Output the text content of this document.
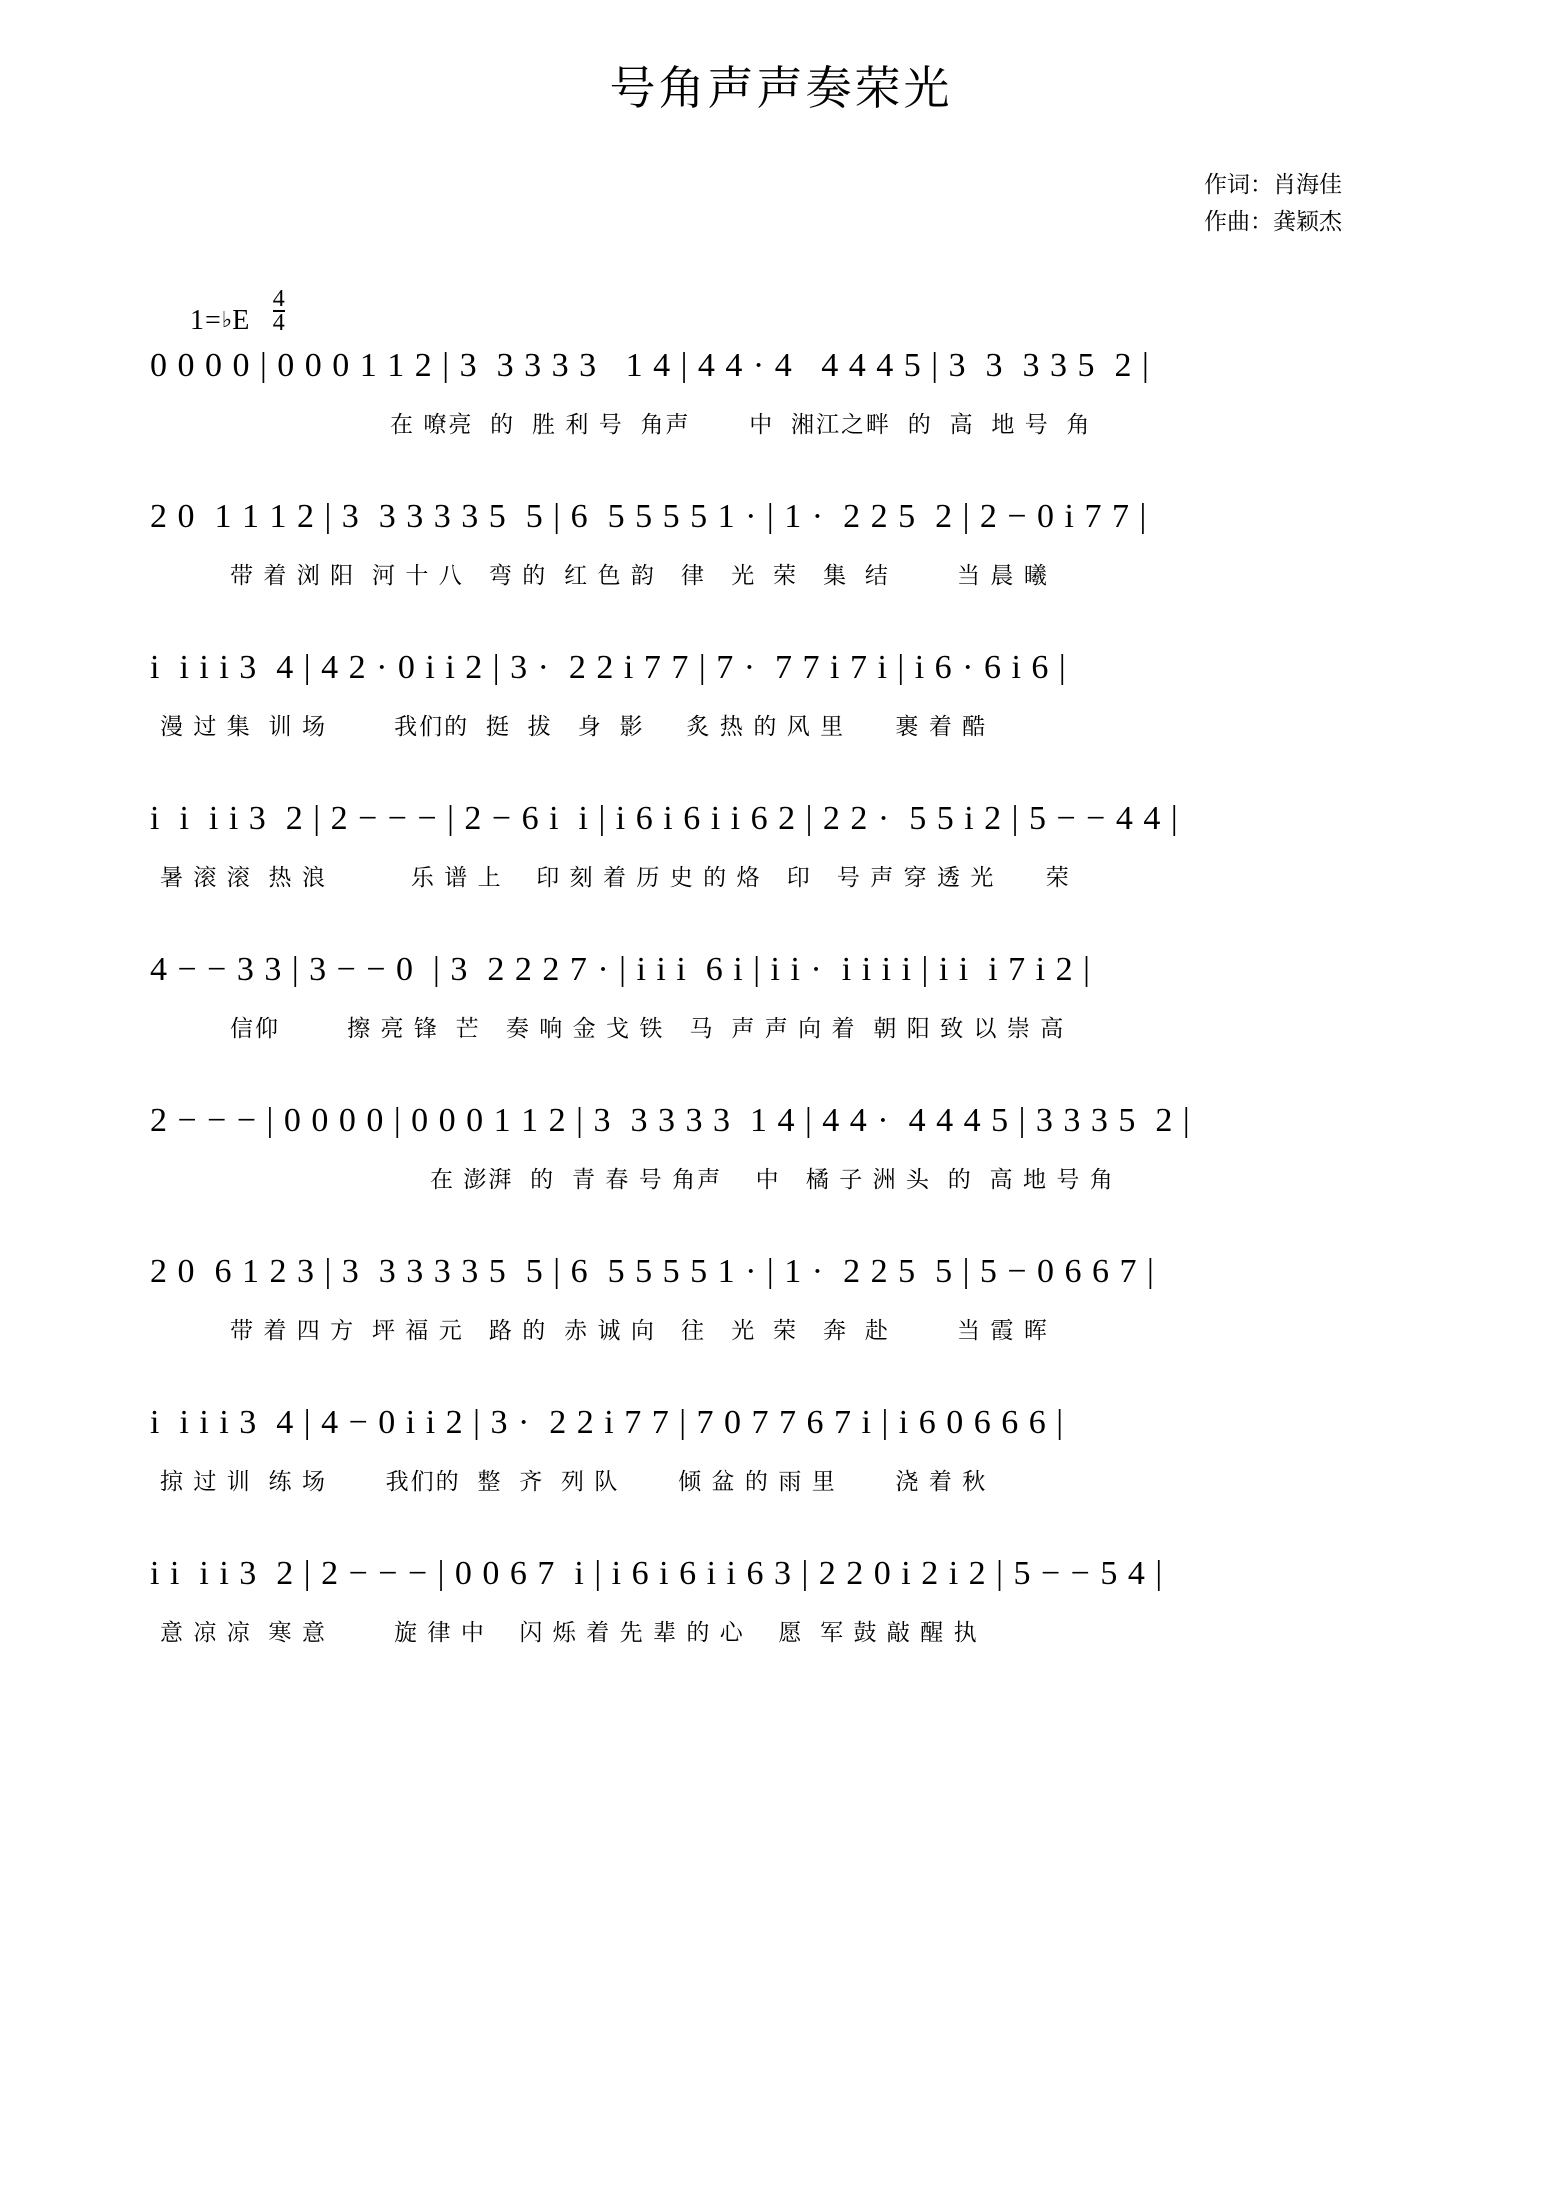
号角声声奏荣光
作词：肖海佳
作曲：龚颖杰
1=♭E $\frac{4}{4}$
0 0 0 0 | 0 0 0 1 1 2 | 3  3 3 3 3   1 4 | 4 4 · 4   4 4 4 5 | 3  3  3 3 5  2 |
在 嘹亮  的  胜 利 号  角声       中  湘江之畔  的  高  地 号  角
2 0  1 1 1 2 | 3  3 3 3 3 5  5 | 6  5 5 5 5 1 · | 1 ·  2 2 5  2 | 2 − 0 i 7 7 |
带 着 浏 阳  河 十 八   弯 的  红 色 韵   律   光  荣   集  结        当 晨 曦
i  i i i 3  4 | 4 2 · 0 i i 2 | 3 ·  2 2 i 7 7 | 7 ·  7 7 i 7 i | i 6 · 6 i 6 |
漫 过 集  训 场        我们的  挺  拔   身  影     炙 热 的 风 里      裹 着 酷
i  i  i i 3  2 | 2 − − − | 2 − 6 i  i | i 6 i 6 i i 6 2 | 2 2 ·  5 5 i 2 | 5 − − 4 4 |
暑 滚 滚  热 浪          乐 谱 上    印 刻 着 历 史 的 烙   印   号 声 穿 透 光      荣
4 − − 3 3 | 3 − − 0  | 3  2 2 2 7 · | i i i  6 i | i i ·  i i i i | i i  i 7 i 2 |
信仰        擦 亮 锋  芒   奏 响 金 戈 铁   马  声 声 向 着  朝 阳 致 以 崇 高
2 − − − | 0 0 0 0 | 0 0 0 1 1 2 | 3  3 3 3 3  1 4 | 4 4 ·  4 4 4 5 | 3 3 3 5  2 |
在 澎湃  的  青 春 号 角声    中   橘 子 洲 头  的  高 地 号 角
2 0  6 1 2 3 | 3  3 3 3 3 5  5 | 6  5 5 5 5 1 · | 1 ·  2 2 5  5 | 5 − 0 6 6 7 |
带 着 四 方  坪 福 元   路 的  赤 诚 向   往   光  荣   奔  赴        当 霞 晖
i  i i i 3  4 | 4 − 0 i i 2 | 3 ·  2 2 i 7 7 | 7 0 7 7 6 7 i | i 6 0 6 6 6 |
掠 过 训  练 场       我们的  整  齐  列 队       倾 盆 的 雨 里       浇 着 秋
i i  i i 3  2 | 2 − − − | 0 0 6 7  i | i 6 i 6 i i 6 3 | 2 2 0 i 2 i 2 | 5 − − 5 4 |
意 凉 凉  寒 意        旋 律 中    闪 烁 着 先 辈 的 心    愿  军 鼓 敲 醒 执
